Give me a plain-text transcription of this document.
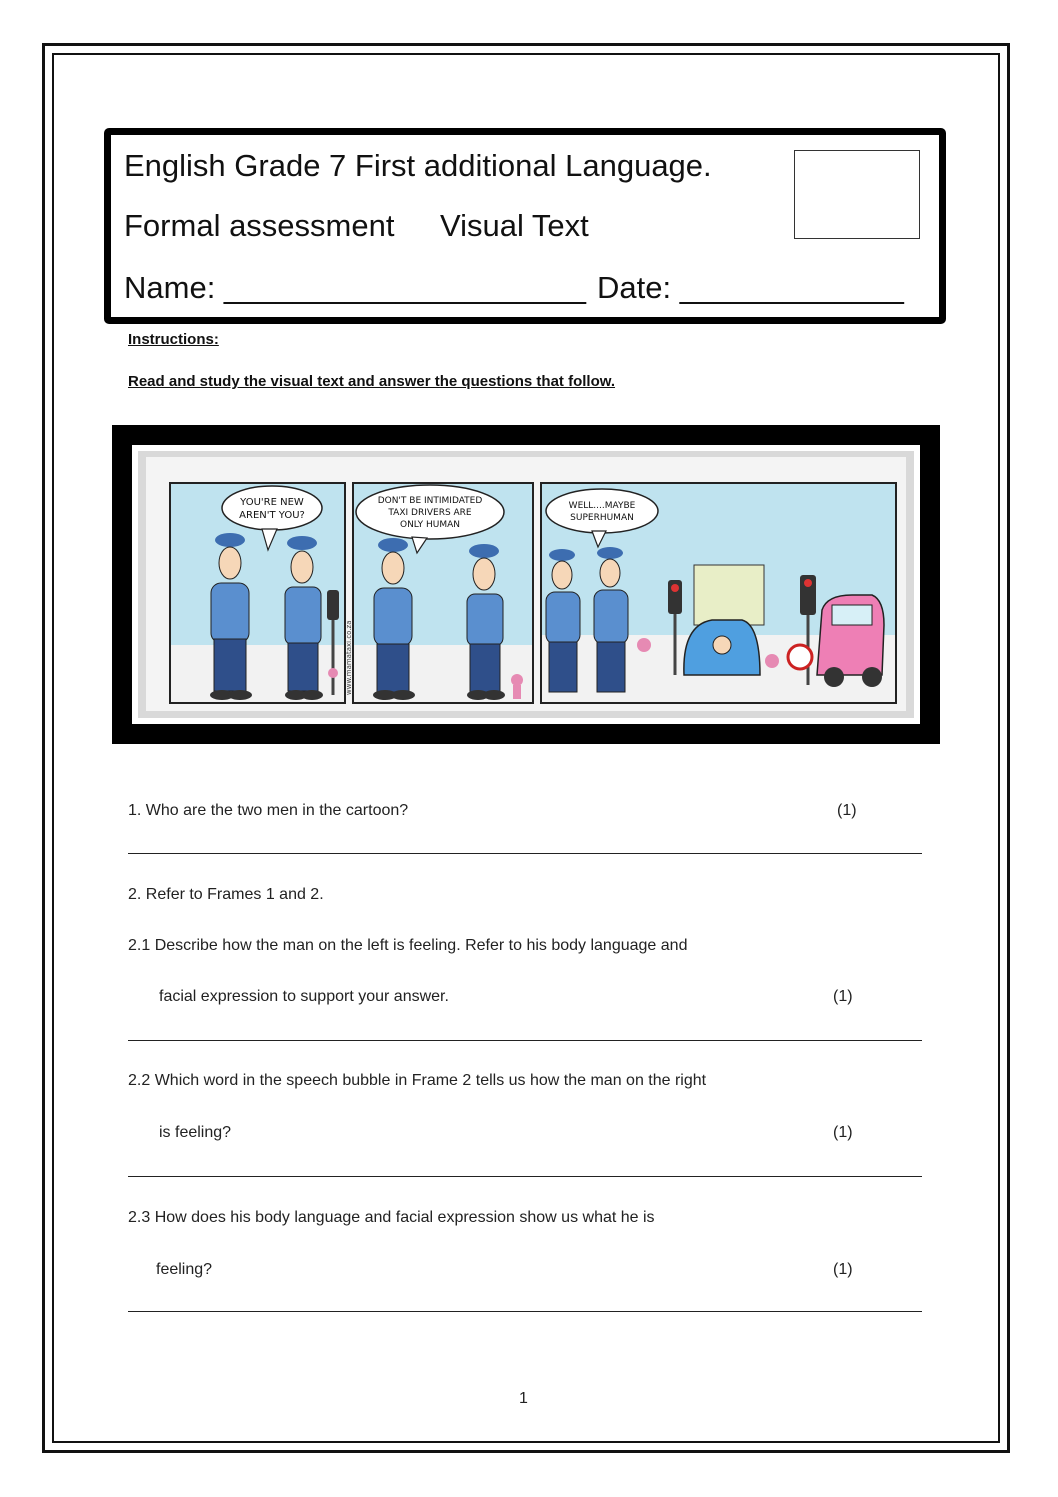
English Grade 7 First additional Language.
Formal assessment Visual Text
Name: _____________________ Date: _____________
Instructions:
Read and study the visual text and answer the questions that follow.
YOU'RE NEW
AREN'T YOU?
www.mamataxi.co.za
DON'T BE INTIMIDATED
TAXI DRIVERS ARE
ONLY HUMAN
WELL....MAYBE
SUPERHUMAN
1. Who are the two men in the cartoon?	(1)
2. Refer to Frames 1 and 2.
2.1 Describe how the man on the left is feeling. Refer to his body language and
facial expression to support your answer.	(1)
2.2 Which word in the speech bubble in Frame 2 tells us how the man on the right
is feeling?	(1)
2.3 How does his body language and facial expression show us what he is
feeling?	(1)
1
